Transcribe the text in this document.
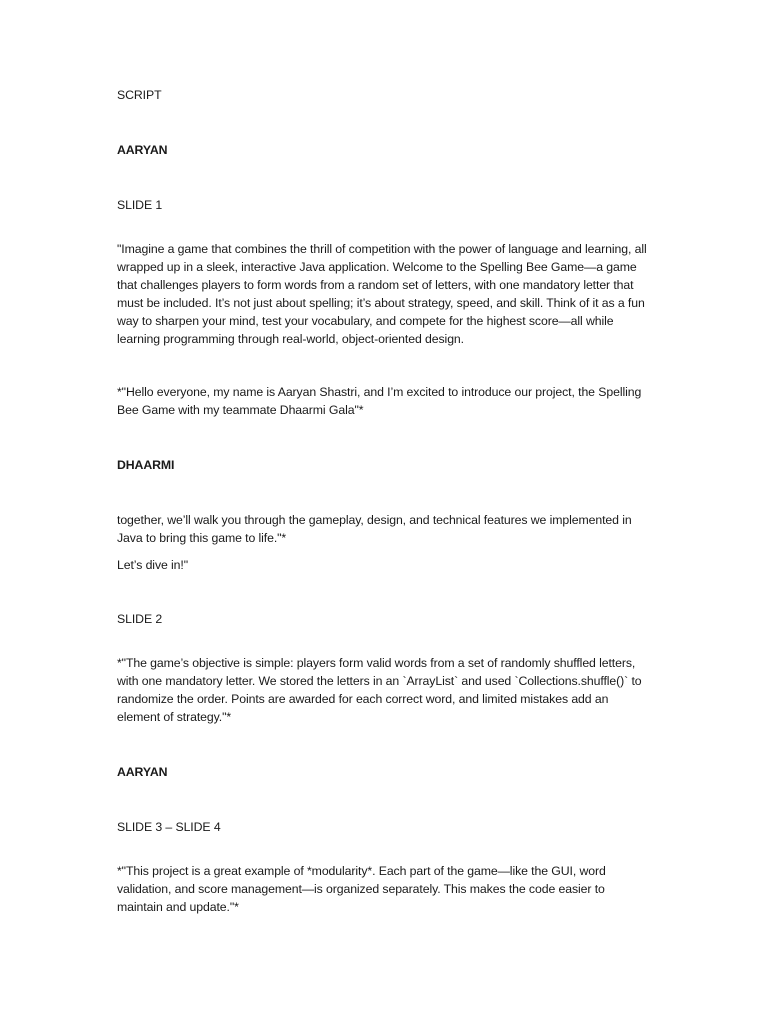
SCRIPT

AARYAN

SLIDE 1

"Imagine a game that combines the thrill of competition with the power of language and learning, all wrapped up in a sleek, interactive Java application. Welcome to the Spelling Bee Game—a game that challenges players to form words from a random set of letters, with one mandatory letter that must be included. It’s not just about spelling; it’s about strategy, speed, and skill. Think of it as a fun way to sharpen your mind, test your vocabulary, and compete for the highest score—all while learning programming through real-world, object-oriented design.

*"Hello everyone, my name is Aaryan Shastri, and I’m excited to introduce our project, the Spelling Bee Game with my teammate Dhaarmi Gala"*

DHAARMI

together, we’ll walk you through the gameplay, design, and technical features we implemented in Java to bring this game to life."*

Let’s dive in!"

SLIDE 2

*"The game’s objective is simple: players form valid words from a set of randomly shuffled letters, with one mandatory letter. We stored the letters in an `ArrayList` and used `Collections.shuffle()` to randomize the order. Points are awarded for each correct word, and limited mistakes add an element of strategy."*

AARYAN

SLIDE 3 – SLIDE 4

*"This project is a great example of *modularity*. Each part of the game—like the GUI, word validation, and score management—is organized separately. This makes the code easier to maintain and update."*
